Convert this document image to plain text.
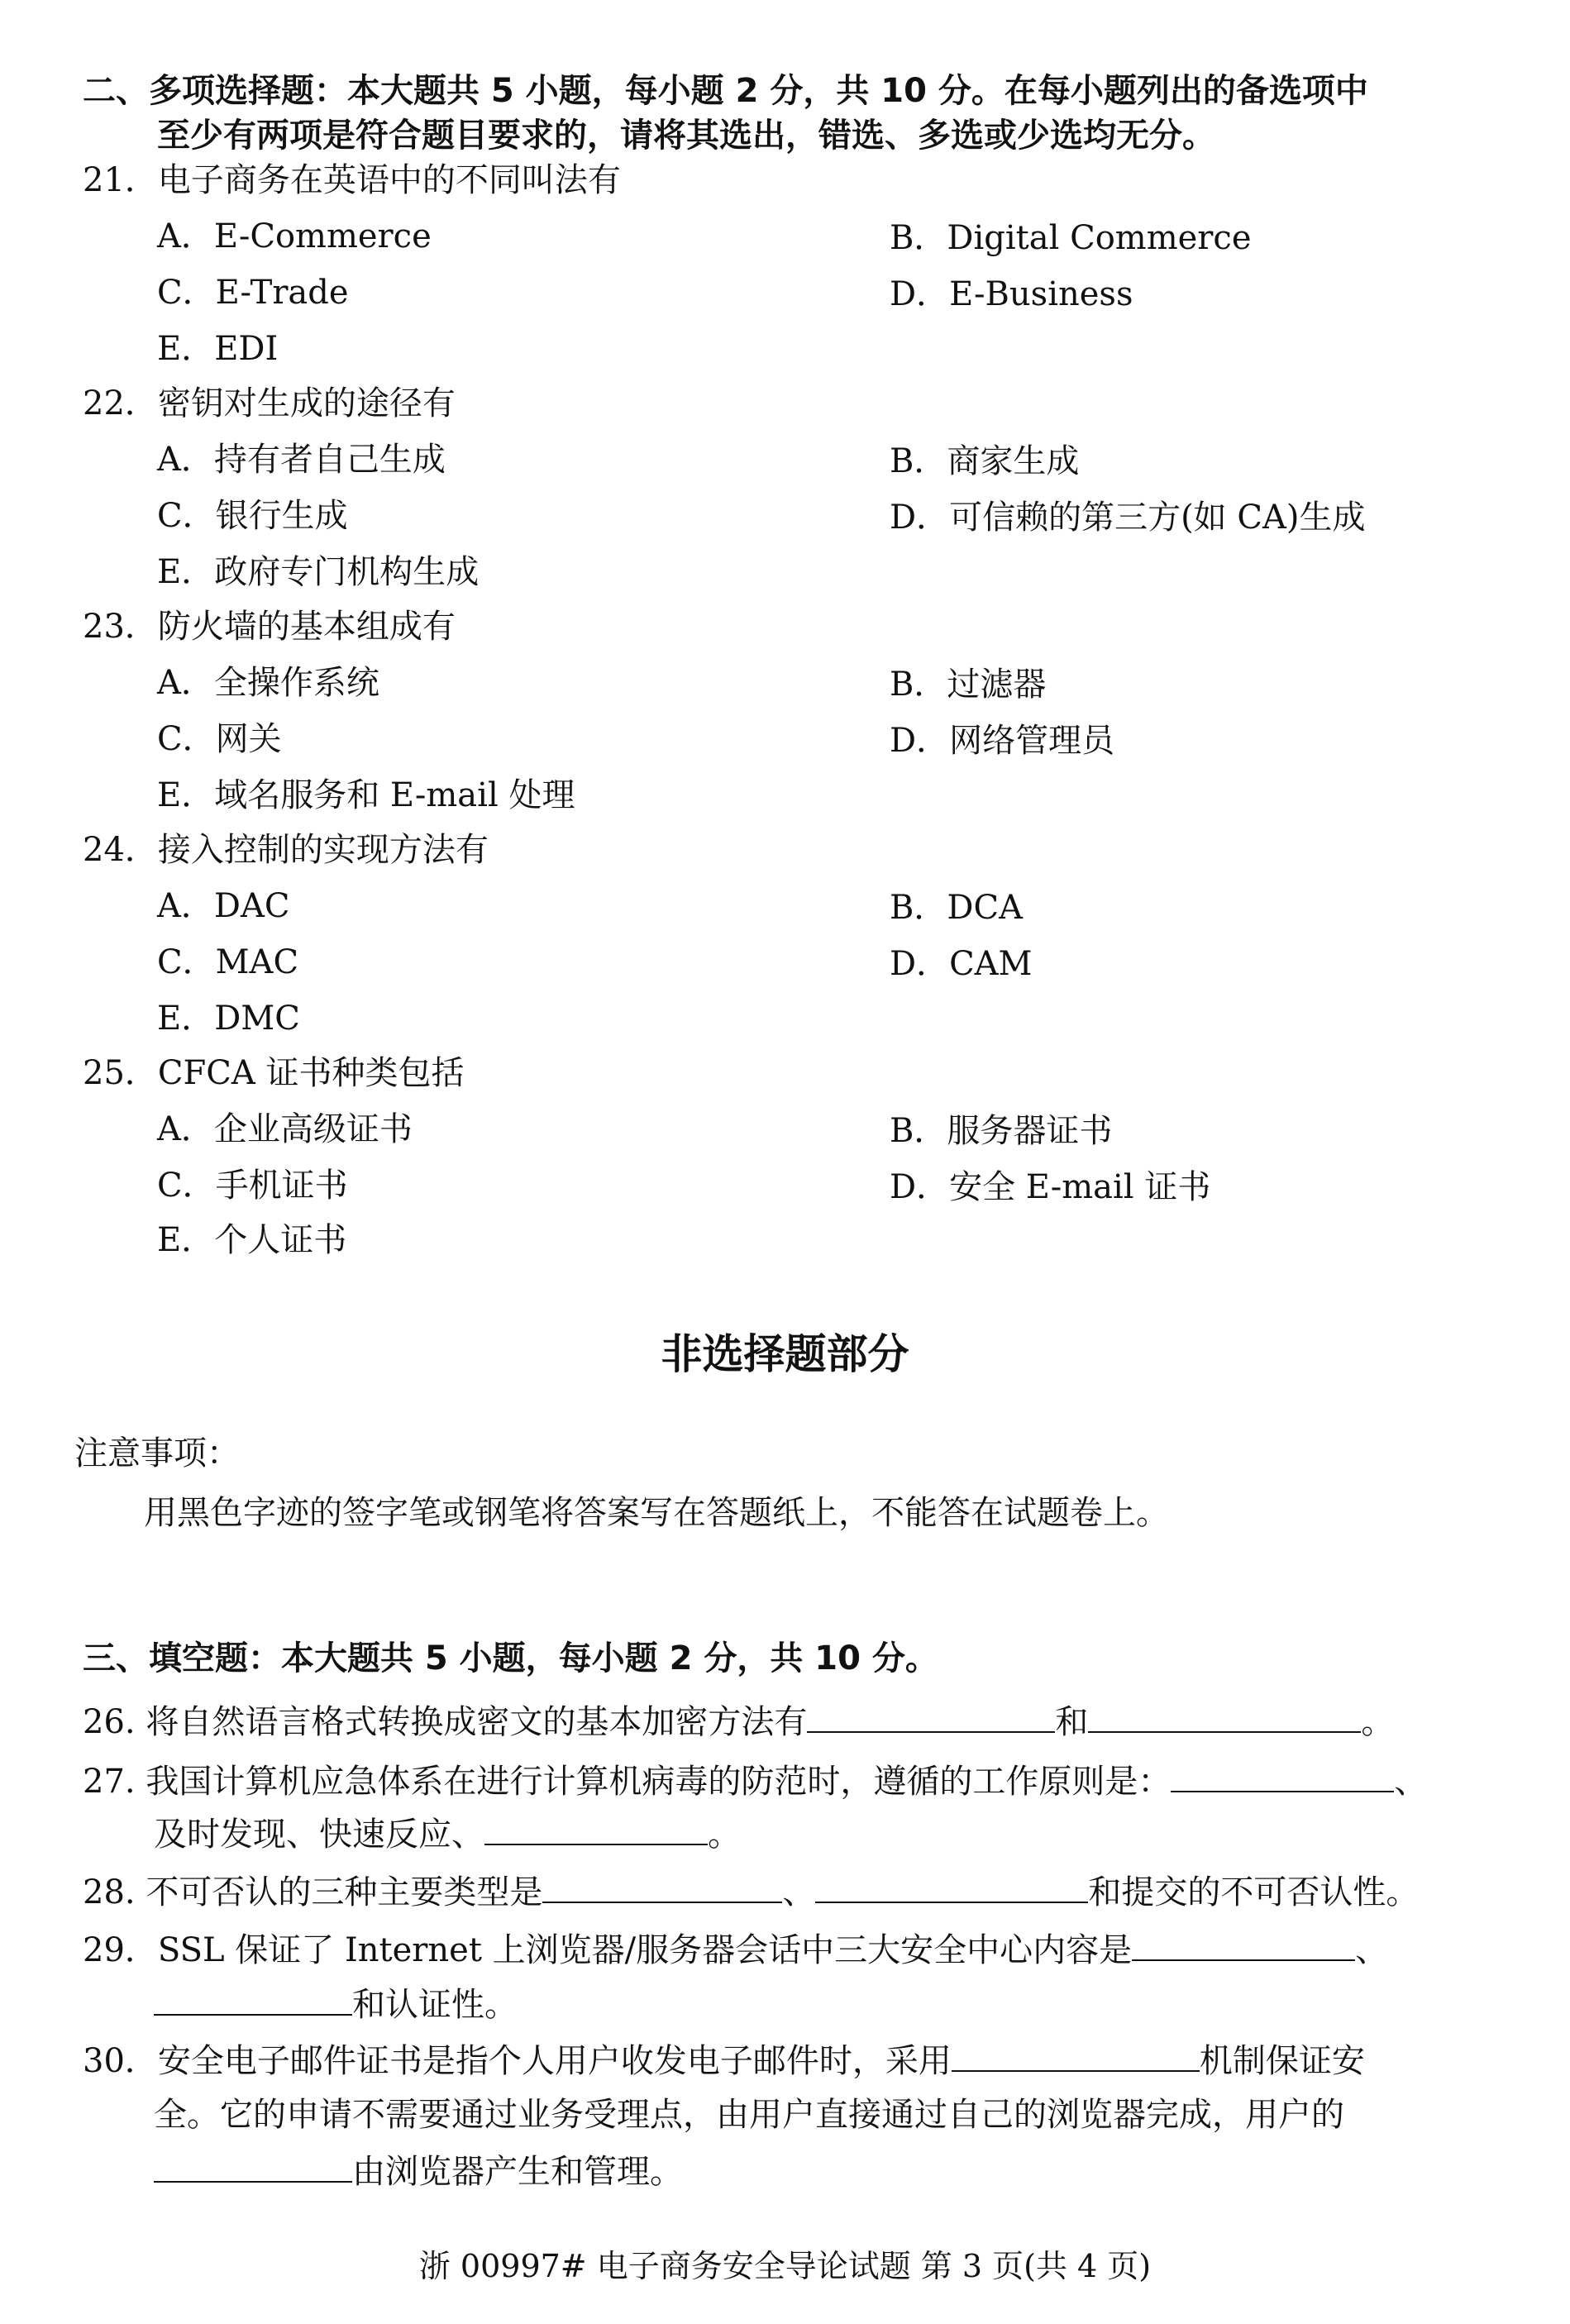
二、多项选择题：本大题共 5 小题，每小题 2 分，共 10 分。在每小题列出的备选项中
至少有两项是符合题目要求的，请将其选出，错选、多选或少选均无分。
21．电子商务在英语中的不同叫法有
A．E-Commerce	B．Digital Commerce
C．E-Trade	D．E-Business
E．EDI
22．密钥对生成的途径有
A．持有者自己生成	B．商家生成
C．银行生成	D．可信赖的第三方(如 CA)生成
E．政府专门机构生成
23．防火墙的基本组成有
A．全操作系统	B．过滤器
C．网关	D．网络管理员
E．域名服务和 E-mail 处理
24．接入控制的实现方法有
A．DAC	B．DCA
C．MAC	D．CAM
E．DMC
25．CFCA 证书种类包括
A．企业高级证书	B．服务器证书
C．手机证书	D．安全 E-mail 证书
E．个人证书
非选择题部分
注意事项：
用黑色字迹的签字笔或钢笔将答案写在答题纸上，不能答在试题卷上。
三、填空题：本大题共 5 小题，每小题 2 分，共 10 分。
26. 将自然语言格式转换成密文的基本加密方法有	和	。
27. 我国计算机应急体系在进行计算机病毒的防范时，遵循的工作原则是：	、
及时发现、快速反应、	。
28. 不可否认的三种主要类型是	、	和提交的不可否认性。
29．SSL 保证了 Internet 上浏览器/服务器会话中三大安全中心内容是	、
和认证性。
30．安全电子邮件证书是指个人用户收发电子邮件时，采用	机制保证安
全。它的申请不需要通过业务受理点，由用户直接通过自己的浏览器完成，用户的
由浏览器产生和管理。
浙 00997# 电子商务安全导论试题 第 3 页(共 4 页)
